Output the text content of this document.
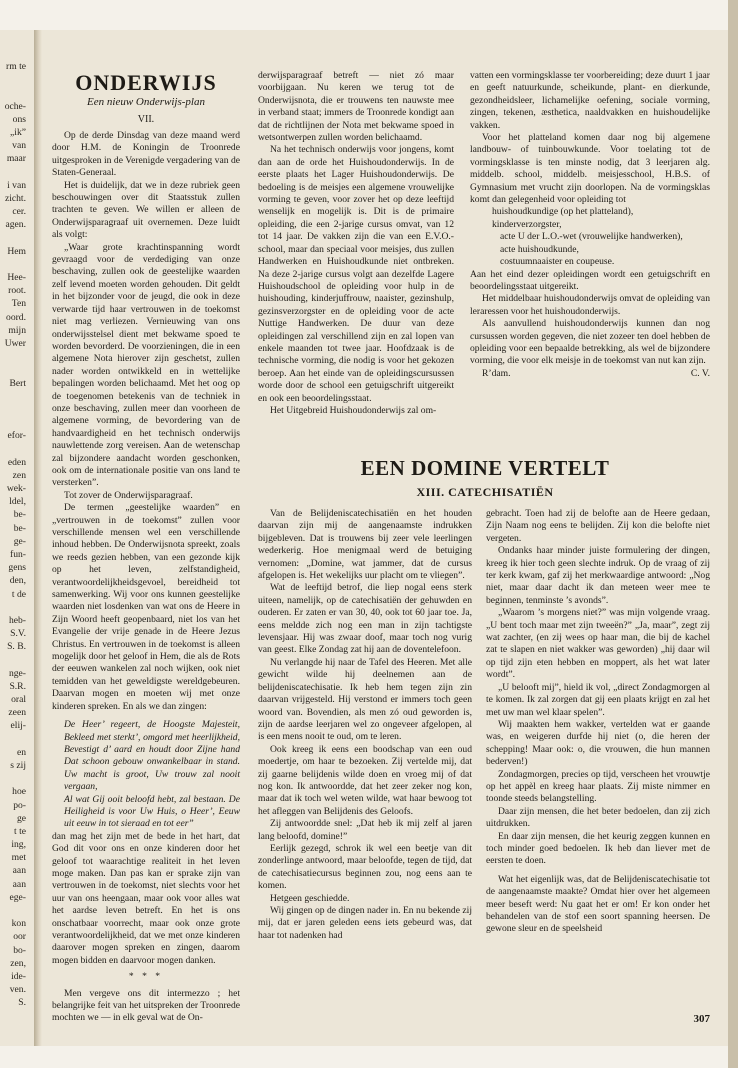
rm te
oche-
ons
„ik”
van
maar
i van
zicht.
cer.
agen.
Hem
Hee-
root.
Ten
oord.
mijn
Uwer
Bert
efor-
eden
zen
wek-
ldel,
be-
be-
ge-
fun-
gens
den,
t de
heb-
S.V.
S. B.
nge-
S.R.
oral
zeen
elij-
en
s zij
hoe
po-
ge
t te
ing,
met
aan
aan
ege-
kon
oor
bo-
zen,
ide-
ven.
S.
ONDERWIJS
Een nieuw Onderwijs-plan
VII.

Op de derde Dinsdag van deze maand werd door H.M. de Koningin de Troonrede uitgesproken in de Verenigde vergadering van de Staten-Generaal.

Het is duidelijk, dat we in deze rubriek geen beschouwingen over dit Staatsstuk zullen trachten te geven. We willen er alleen de Onderwijsparagraaf uit overnemen. Deze luidt als volgt:

„Waar grote krachtinspanning wordt gevraagd voor de verdediging van onze beschaving, zullen ook de geestelijke waarden zelf levend moeten worden gehouden. Dit geldt in het bijzonder voor de jeugd, die ook in deze verwarde tijd haar vertrouwen in de toekomst niet mag verliezen. Vernieuwing van ons onderwijsstelsel dient met bekwame spoed te worden bevorderd. De voorzieningen, die in een algemene Nota hierover zijn geschetst, zullen nader worden ontwikkeld en in wettelijke bepalingen worden belichaamd. Met het oog op de toegenomen betekenis van de techniek in onze beschaving, zullen meer dan voorheen de algemene vorming, de bevordering van de handvaardigheid en het technisch onderwijs nauwlettende zorg vereisen. Aan de wetenschap zal bijzondere aandacht worden geschonken, ook om de internationale positie van ons land te versterken”.

Tot zover de Onderwijsparagraaf.

De termen „geestelijke waarden” en „vertrouwen in de toekomst” zullen voor verschillende mensen wel een verschillende inhoud hebben. De Onderwijsnota spreekt, zoals we reeds gezien hebben, van een gezonde kijk op het leven, zelfstandigheid, verantwoordelijkheidsgevoel, bereidheid tot samenwerking. Wij voor ons kunnen geestelijke waarden niet losdenken van wat ons de Heere in Zijn Woord heeft geopenbaard, niet los van het Evangelie der vrije genade in de Heere Jezus Christus. En vertrouwen in de toekomst is alleen mogelijk door het geloof in Hem, die als de Rots der eeuwen wankelen zal noch wijken, ook niet temidden van het geweldigste wereldgebeuren. Daarvan mogen en moeten wij met onze kinderen spreken. En als we dan zingen:

De Heer’ regeert, de Hoogste Majesteit, Bekleed met sterkt’, omgord met heerlijkheid, Bevestigt d’ aard en houdt door Zijne hand Dat schoon gebouw onwankelbaar in stand. Uw macht is groot, Uw trouw zal nooit vergaan,

Al wat Gij ooit beloofd hebt, zal bestaan. De Heiligheid is voor Uw Huis, o Heer’, Eeuw uit eeuw in tot sieraad en tot eer”

dan mag het zijn met de bede in het hart, dat God dit voor ons en onze kinderen door het geloof tot waarachtige realiteit in het leven moge maken. Dan pas kan er sprake zijn van vertrouwen in de toekomst, niet slechts voor het uur van ons heengaan, maar ook voor alles wat het aardse leven betreft. En het is ons onschatbaar voorrecht, maar ook onze grote verantwoordelijkheid, dat we met onze kinderen daarover mogen spreken en zingen, daarom mogen bidden en daarvoor mogen danken.

* * *

Men vergeve ons dit intermezzo ; het belangrijke feit van het uitspreken der Troonrede mochten we — in elk geval wat de On-

derwijsparagraaf betreft — niet zó maar voorbijgaan. Nu keren we terug tot de Onderwijsnota, die er trouwens ten nauwste mee in verband staat; immers de Troonrede kondigt aan dat de richtlijnen der Nota met bekwame spoed in wetsontwerpen zullen worden belichaamd.

Na het technisch onderwijs voor jongens, komt dan aan de orde het Huishoudonderwijs. In de eerste plaats het Lager Huishoudonderwijs. De bedoeling is de meisjes een algemene vrouwelijke vorming te geven, voor zover het op deze leeftijd wenselijk en mogelijk is. Dit is de primaire opleiding, die een 2-jarige cursus omvat, van 12 tot 14 jaar. De vakken zijn die van een E.V.O.-school, maar dan speciaal voor meisjes, dus zullen Handwerken en Huishoudkunde niet ontbreken. Na deze 2-jarige cursus volgt aan dezelfde Lagere Huishoudschool de opleiding voor hulp in de huishouding, kinderjuffrouw, naaister, gezinshulp, gezinsverzorgster en de opleiding voor de acte Nuttige Handwerken. De duur van deze opleidingen zal verschillend zijn en zal lopen van enkele maanden tot twee jaar. Hoofdzaak is de technische vorming, die nodig is voor het gekozen beroep. Aan het einde van de opleidingscursussen worde door de school een getuigschrift uitgereikt en ook een beoordelingsstaat.

Het Uitgebreid Huishoudonderwijs zal om-

vatten een vormingsklasse ter voorbereiding; deze duurt 1 jaar en geeft natuurkunde, scheikunde, plant- en dierkunde, gezondheidsleer, lichamelijke oefening, sociale vorming, zingen, tekenen, æsthetica, naaldvakken en huishoudelijke vakken.

Voor het platteland komen daar nog bij algemene landbouw- of tuinbouwkunde. Voor toelating tot de vormingsklasse is ten minste nodig, dat 3 leerjaren alg. middelb. school, middelb. meisjesschool, H.B.S. of Gymnasium met vrucht zijn doorlopen. Na de vormingsklas komt dan gelegenheid voor opleiding tot

huishoudkundige (op het platteland),

kinderverzorgster,

acte U der L.O.-wet (vrouwelijke handwerken),

acte huishoudkunde,

costuumnaaister en coupeuse.

Aan het eind dezer opleidingen wordt een getuigschrift en beoordelingsstaat uitgereikt.

Het middelbaar huishoudonderwijs omvat de opleiding van leraressen voor het huishoudonderwijs.

Als aanvullend huishoudonderwijs kunnen dan nog cursussen worden gegeven, die niet zozeer ten doel hebben de opleiding voor een bepaalde betrekking, als wel de bijzondere vorming, die voor elk meisje in de toekomst van nut kan zijn.

R’dam.	C. V.
EEN DOMINE VERTELT
XIII. CATECHISATIËN

Van de Belijdeniscatechisatiën en het houden daarvan zijn mij de aangenaamste indrukken bijgebleven. Dat is trouwens bij zeer vele leerlingen wederkerig. Hoe menigmaal werd de betuiging vernomen: „Domine, wat jammer, dat de cursus afgelopen is. Het wekelijks uur placht om te vliegen”.

Wat de leeftijd betrof, die liep nogal eens sterk uiteen, namelijk, op de catechisatiën der gehuwden en ouderen. Er zaten er van 30, 40, ook tot 60 jaar toe. Ja, eens meldde zich nog een man in zijn tachtigste levensjaar. Hij was zwaar doof, maar toch nog vurig van geest. Elke Zondag zat hij aan de doventelefoon.

Nu verlangde hij naar de Tafel des Heeren. Met alle gewicht wilde hij deelnemen aan de belijdeniscatechisatie. Ik heb hem tegen zijn zin daarvan vrijgesteld. Hij verstond er immers toch geen woord van. Bovendien, als men zó oud geworden is, zijn de aardse leerjaren wel zo ongeveer afgelopen, al is een mens nooit te oud, om te leren.

Ook kreeg ik eens een boodschap van een oud moedertje, om haar te bezoeken. Zij vertelde mij, dat zij gaarne belijdenis wilde doen en vroeg mij of dat nog kon. Ik antwoordde, dat het zeer zeker nog kon, maar dat ik toch wel weten wilde, wat haar bewoog tot het afleggen van Belijdenis des Geloofs.

Zij antwoordde snel: „Dat heb ik mij zelf al jaren lang beloofd, domine!”

Eerlijk gezegd, schrok ik wel een beetje van dit zonderlinge antwoord, maar beloofde, tegen de tijd, dat de catechisatiecursus beginnen zou, nog eens aan te komen.

Hetgeen geschiedde.

Wij gingen op de dingen nader in. En nu bekende zij mij, dat er jaren geleden eens iets gebeurd was, dat haar tot nadenken had

gebracht. Toen had zij de belofte aan de Heere gedaan, Zijn Naam nog eens te belijden. Zij kon die belofte niet vergeten.

Ondanks haar minder juiste formulering der dingen, kreeg ik hier toch geen slechte indruk. Op de vraag of zij ter kerk kwam, gaf zij het merkwaardige antwoord: „Nog niet, maar daar dacht ik dan meteen weer mee te beginnen, tenminste ’s avonds”.

„Waarom ’s morgens niet?” was mijn volgende vraag. „U bent toch maar met zijn tweeën?” „Ja, maar”, zegt zij wat zachter, (en zij wees op haar man, die bij de kachel zat te slapen en niet wakker was geworden) „hij daar wil op tijd zijn eten hebben en moppert, als het wat later wordt”.

„U belooft mij”, hield ik vol, „direct Zondagmorgen al te komen. Ik zal zorgen dat gij een plaats krijgt en zal het met uw man wel klaar spelen”.

Wij maakten hem wakker, vertelden wat er gaande was, en weigeren durfde hij niet (o, die heren der schepping! Maar ook: o, die vrouwen, die hun mannen bederven!)

Zondagmorgen, precies op tijd, verscheen het vrouwtje op het appèl en kreeg haar plaats. Zij miste nimmer en toonde steeds belangstelling.

Daar zijn mensen, die het beter bedoelen, dan zij zich uitdrukken.

En daar zijn mensen, die het keurig zeggen kunnen en toch minder goed bedoelen. Ik heb dan liever met de eersten te doen.

Wat het eigenlijk was, dat de Belijdeniscatechisatie tot de aangenaamste maakte? Omdat hier over het algemeen meer beseft werd: Nu gaat het er om! Er kon onder het behandelen van de stof een soort spanning heersen. De gewone sleur en de speelsheid

307
